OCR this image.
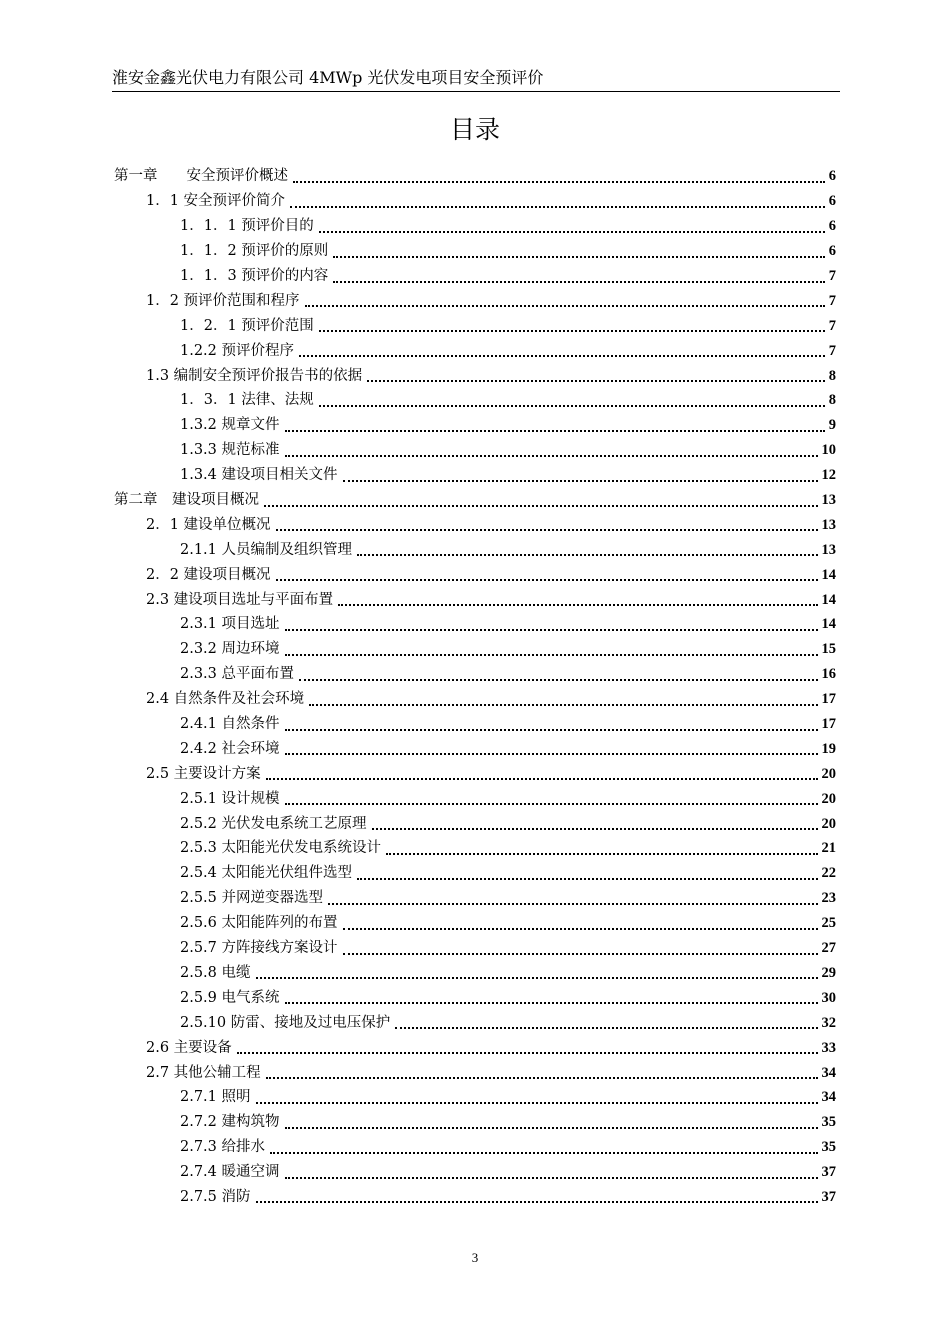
淮安金鑫光伏电力有限公司 4MWp 光伏发电项目安全预评价
目录
第一章　　安全预评价概述	6
1．1 安全预评价简介	6
1．1．1 预评价目的	6
1．1．2 预评价的原则	6
1．1．3 预评价的内容	7
1．2 预评价范围和程序	7
1．2．1 预评价范围	7
1.2.2 预评价程序	7
1.3 编制安全预评价报告书的依据	8
1．3．1 法律、法规	8
1.3.2 规章文件	9
1.3.3 规范标准	10
1.3.4 建设项目相关文件	12
第二章　建设项目概况	13
2．1 建设单位概况	13
2.1.1 人员编制及组织管理	13
2．2 建设项目概况	14
2.3 建设项目选址与平面布置	14
2.3.1 项目选址	14
2.3.2 周边环境	15
2.3.3 总平面布置	16
2.4 自然条件及社会环境	17
2.4.1 自然条件	17
2.4.2 社会环境	19
2.5 主要设计方案	20
2.5.1 设计规模	20
2.5.2 光伏发电系统工艺原理	20
2.5.3 太阳能光伏发电系统设计	21
2.5.4 太阳能光伏组件选型	22
2.5.5 并网逆变器选型	23
2.5.6 太阳能阵列的布置	25
2.5.7 方阵接线方案设计	27
2.5.8 电缆	29
2.5.9 电气系统	30
2.5.10 防雷、接地及过电压保护	32
2.6 主要设备	33
2.7 其他公辅工程	34
2.7.1 照明	34
2.7.2 建构筑物	35
2.7.3 给排水	35
2.7.4 暖通空调	37
2.7.5 消防	37
3
